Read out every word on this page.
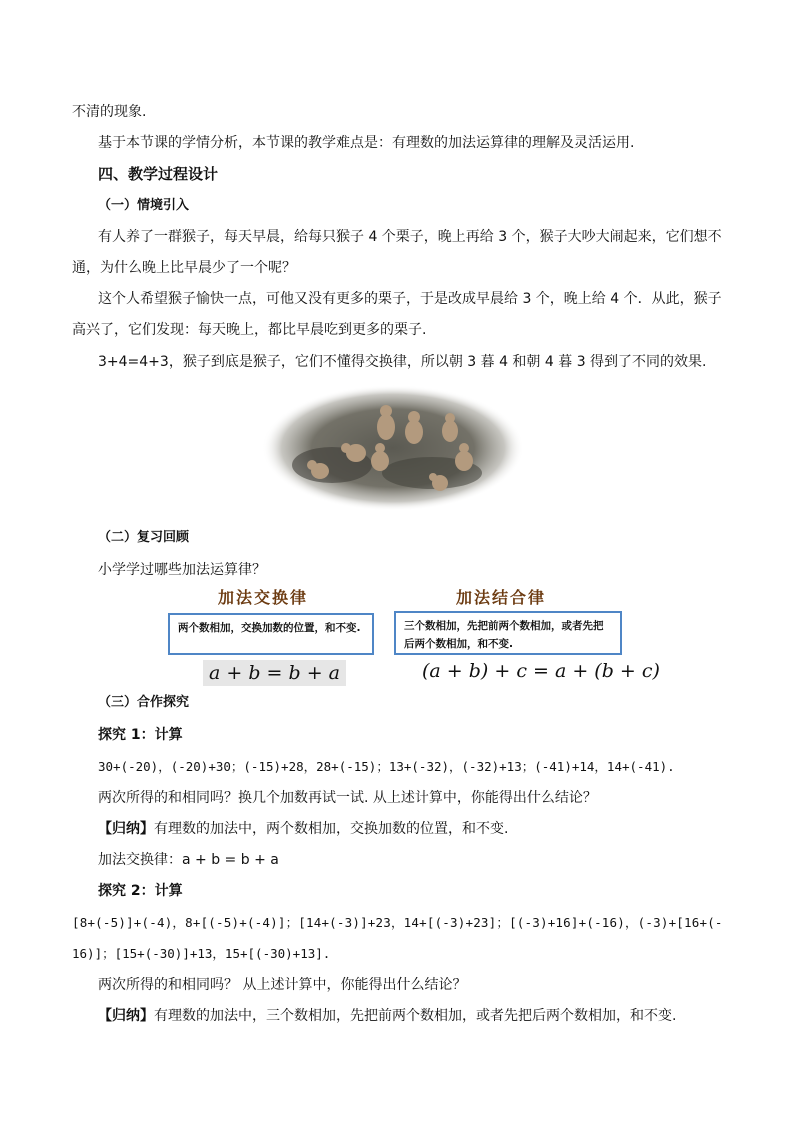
不清的现象.
基于本节课的学情分析，本节课的教学难点是：有理数的加法运算律的理解及灵活运用.
四、教学过程设计
（一）情境引入
有人养了一群猴子，每天早晨，给每只猴子 4 个栗子，晚上再给 3 个，猴子大吵大闹起来，它们想不
通，为什么晚上比早晨少了一个呢？
这个人希望猴子愉快一点，可他又没有更多的栗子，于是改成早晨给 3 个，晚上给 4 个．从此，猴子
高兴了，它们发现：每天晚上，都比早晨吃到更多的栗子.
3+4=4+3，猴子到底是猴子，它们不懂得交换律，所以朝 3 暮 4 和朝 4 暮 3 得到了不同的效果.
（二）复习回顾
小学学过哪些加法运算律？
加法交换律	加法结合律
两个数相加，交换加数的位置，和不变.	三个数相加，先把前两个数相加，或者先把后两个数相加，和不变.
a + b = b + a	(a + b) + c = a + (b + c)
（三）合作探究
探究 1：计算
30+(-20)，(-20)+30；(-15)+28，28+(-15)；13+(-32)，(-32)+13；(-41)+14，14+(-41).
两次所得的和相同吗？换几个加数再试一试. 从上述计算中，你能得出什么结论？
【归纳】有理数的加法中，两个数相加，交换加数的位置，和不变.
加法交换律：a + b = b + a
探究 2：计算
[8+(-5)]+(-4)，8+[(-5)+(-4)]；[14+(-3)]+23，14+[(-3)+23]；[(-3)+16]+(-16)，(-3)+[16+(-
16)]；[15+(-30)]+13，15+[(-30)+13].
两次所得的和相同吗？ 从上述计算中，你能得出什么结论？
【归纳】有理数的加法中，三个数相加，先把前两个数相加，或者先把后两个数相加，和不变.
